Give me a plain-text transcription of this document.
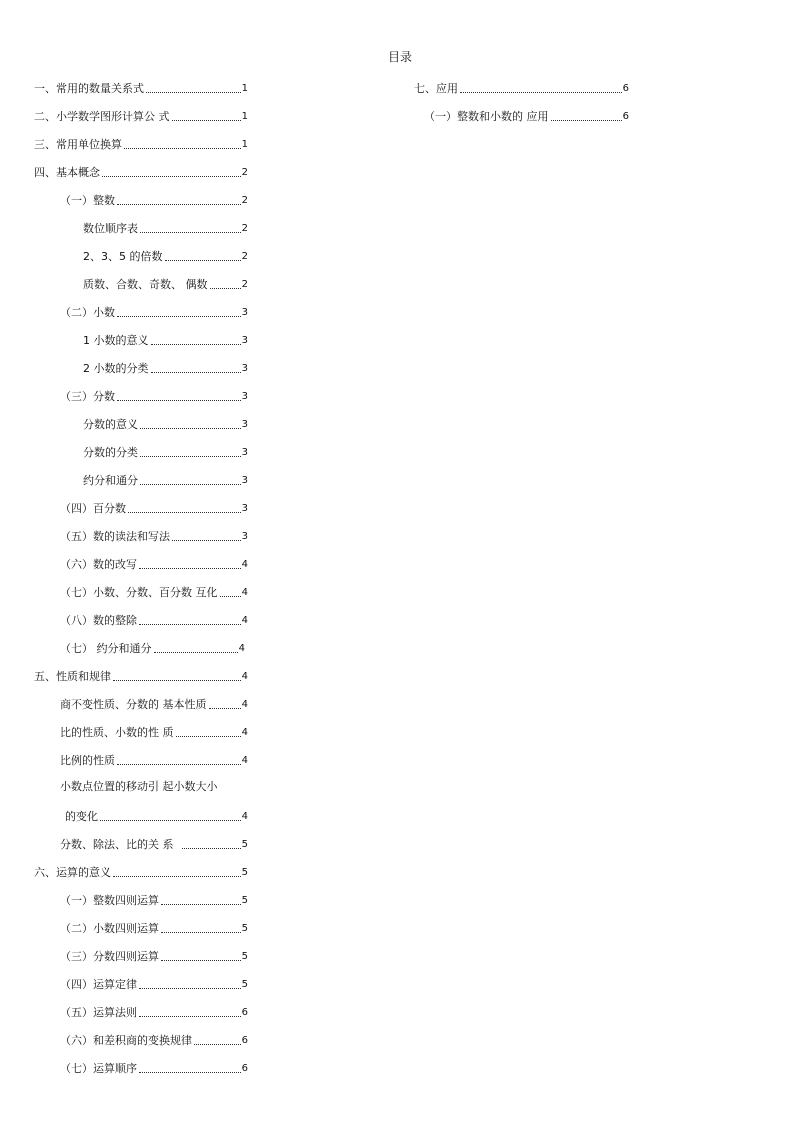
目录
一、常用的数量关系式	1
二、小学数学图形计算公 式	1
三、常用单位换算	1
四、基本概念	2
（一）整数	2
数位顺序表	2
2、3、5 的倍数	2
质数、合数、奇数、 偶数	2
（二）小数	3
1 小数的意义	3
2 小数的分类	3
（三）分数	3
分数的意义	3
分数的分类	3
约分和通分	3
（四）百分数	3
（五）数的读法和写法	3
（六）数的改写	4
（七）小数、分数、百分数 互化 4
（八）数的整除	4
（七） 约分和通分	4
五、性质和规律	4
商不变性质、分数的 基本性质	4
比的性质、小数的性 质	4
比例的性质	4
小数点位置的移动引 起小数大小
的变化	4
分数、除法、比的关 系	5
六、运算的意义	5
（一）整数四则运算	5
（二）小数四则运算	5
（三）分数四则运算	5
（四）运算定律	5
（五）运算法则	6
（六）和差积商的变换规律	6
（七）运算顺序	6
七、应用	6
（一）整数和小数的 应用	6
